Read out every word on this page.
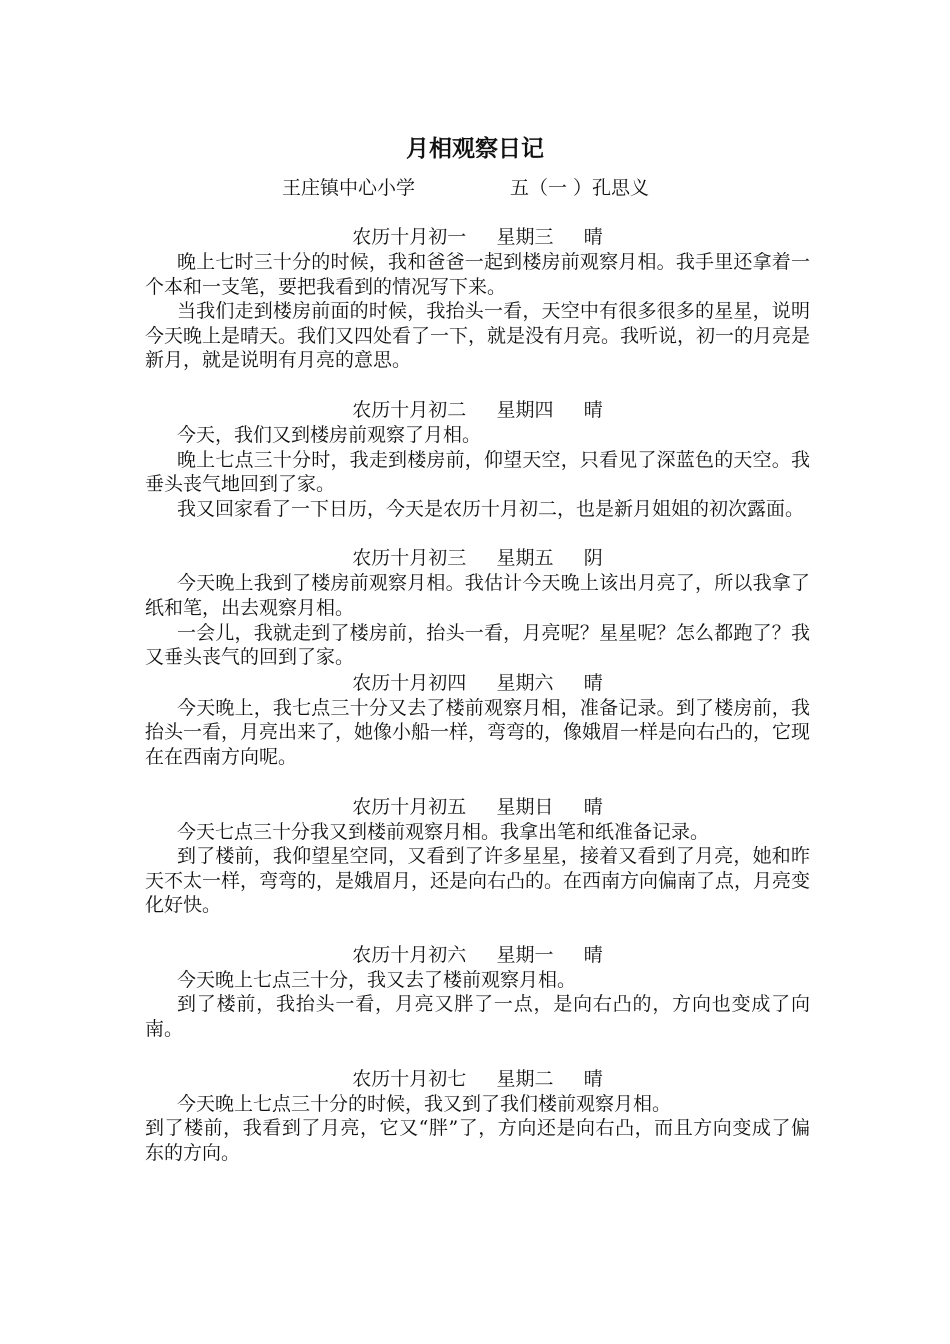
月相观察日记
王庄镇中心小学	五（一 ）孔思义
农历十月初一     星期三     晴

晚上七时三十分的时候，我和爸爸一起到楼房前观察月相。我手里还拿着一个本和一支笔，要把我看到的情况写下来。

当我们走到楼房前面的时候，我抬头一看，天空中有很多很多的星星，说明今天晚上是晴天。我们又四处看了一下，就是没有月亮。我听说，初一的月亮是新月，就是说明有月亮的意思。

农历十月初二     星期四     晴

今天，我们又到楼房前观察了月相。

晚上七点三十分时，我走到楼房前，仰望天空，只看见了深蓝色的天空。我垂头丧气地回到了家。

我又回家看了一下日历，今天是农历十月初二，也是新月姐姐的初次露面。

农历十月初三     星期五     阴

今天晚上我到了楼房前观察月相。我估计今天晚上该出月亮了，所以我拿了纸和笔，出去观察月相。

一会儿，我就走到了楼房前，抬头一看，月亮呢？星星呢？怎么都跑了？我又垂头丧气的回到了家。

农历十月初四     星期六     晴

今天晚上，我七点三十分又去了楼前观察月相，准备记录。到了楼房前，我抬头一看，月亮出来了，她像小船一样，弯弯的，像娥眉一样是向右凸的，它现在在西南方向呢。

农历十月初五     星期日     晴

今天七点三十分我又到楼前观察月相。我拿出笔和纸准备记录。

到了楼前，我仰望星空同，又看到了许多星星，接着又看到了月亮，她和昨天不太一样，弯弯的，是娥眉月，还是向右凸的。在西南方向偏南了点，月亮变化好快。

农历十月初六     星期一     晴

今天晚上七点三十分，我又去了楼前观察月相。

到了楼前，我抬头一看，月亮又胖了一点，是向右凸的，方向也变成了向南。

农历十月初七     星期二     晴

今天晚上七点三十分的时候，我又到了我们楼前观察月相。

到了楼前，我看到了月亮，它又“胖”了，方向还是向右凸，而且方向变成了偏东的方向。
